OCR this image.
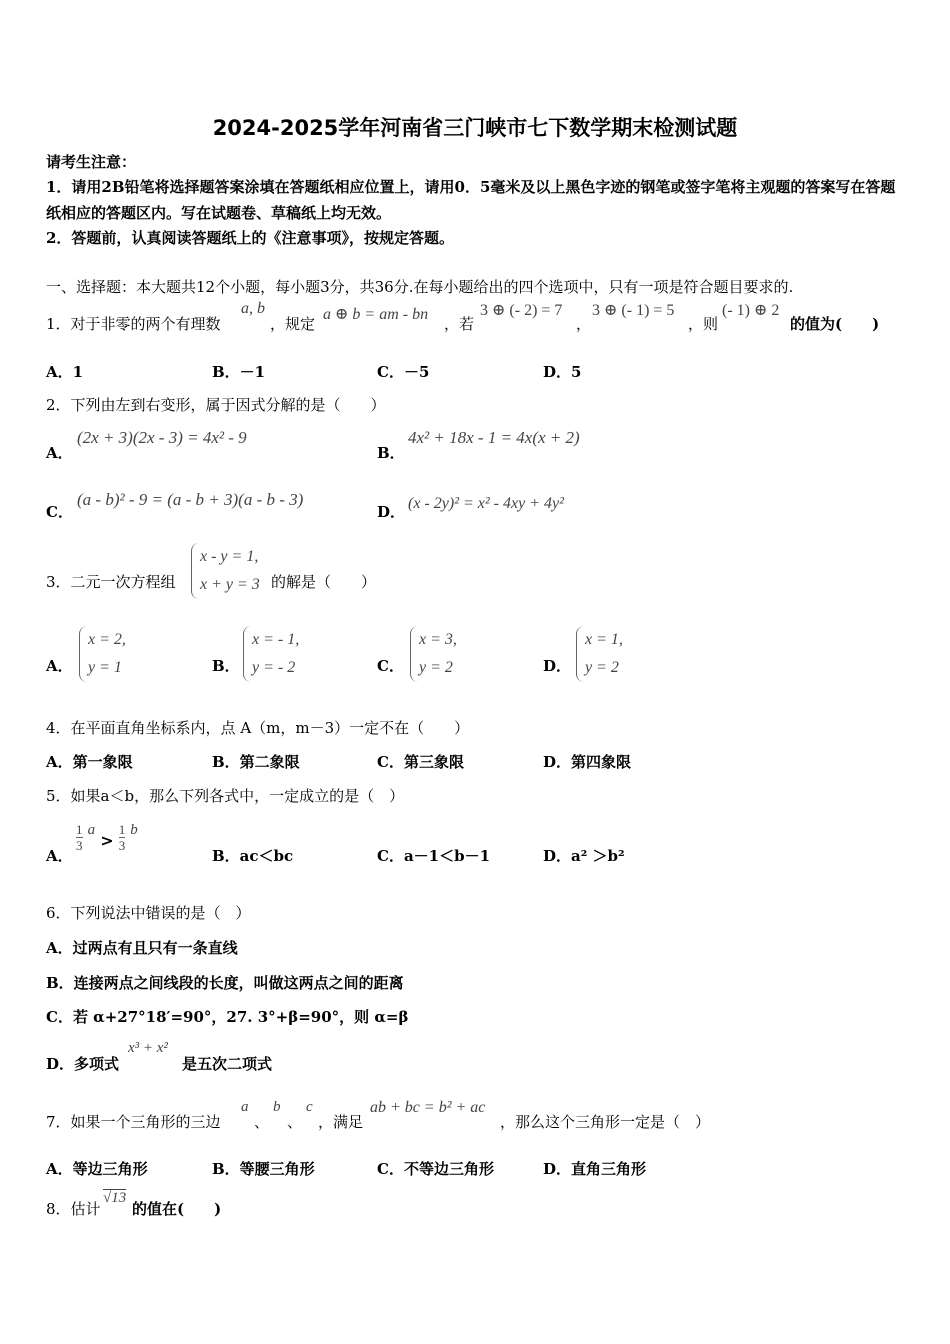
2024-2025学年河南省三门峡市七下数学期末检测试题
请考生注意：
1．请用2B铅笔将选择题答案涂填在答题纸相应位置上，请用0．5毫米及以上黑色字迹的钢笔或签字笔将主观题的答案写在答题纸相应的答题区内。写在试题卷、草稿纸上均无效。
2．答题前，认真阅读答题纸上的《注意事项》，按规定答题。
一、选择题：本大题共12个小题，每小题3分，共36分.在每小题给出的四个选项中，只有一项是符合题目要求的.
1．对于非零的两个有理数
a, b
，规定
a ⊕ b = am - bn
，若
3 ⊕ (- 2) = 7
，
3 ⊕ (- 1) = 5
，则
(- 1) ⊕ 2
的值为(　　)
A．1	B．－1	C．－5	D．5
2．下列由左到右变形，属于因式分解的是（　　）
A．
(2x + 3)(2x - 3) = 4x² - 9
B．
4x² + 18x - 1 = 4x(x + 2)
C．
(a - b)² - 9 = (a - b + 3)(a - b - 3)
D． (x - 2y)² = x² - 4xy + 4y²
3．二元一次方程组
x - y = 1,
x + y = 3 的解是（　　）
A．
x = 2,
y = 1	B．
x = - 1,
y = - 2	C．
x = 3,
y = 2	D．
x = 1,
y = 2
4．在平面直角坐标系内，点 A（m，m－3）一定不在（　　）
A．第一象限	B．第二象限	C．第三象限	D．第四象限
5．如果a＜b，那么下列各式中，一定成立的是（　）
A．
$\frac{1}{3}$ $a > \frac{1}{3}$ b
B．ac＜bc	C．a－1＜b－1	D．a² ＞b²
6．下列说法中错误的是（　）
A．过两点有且只有一条直线
B．连接两点之间线段的长度，叫做这两点之间的距离
C．若 α+27°18′=90°，27. 3°+β=90°，则 α=β
D．多项式
x³ + x²
是五次二项式
7．如果一个三角形的三边
a
、
b
、
c
，满足
ab + bc = b² + ac
，那么这个三角形一定是（　）
A．等边三角形	B．等腰三角形	C．不等边三角形	D．直角三角形
8．估计
√13
的值在(　　)
